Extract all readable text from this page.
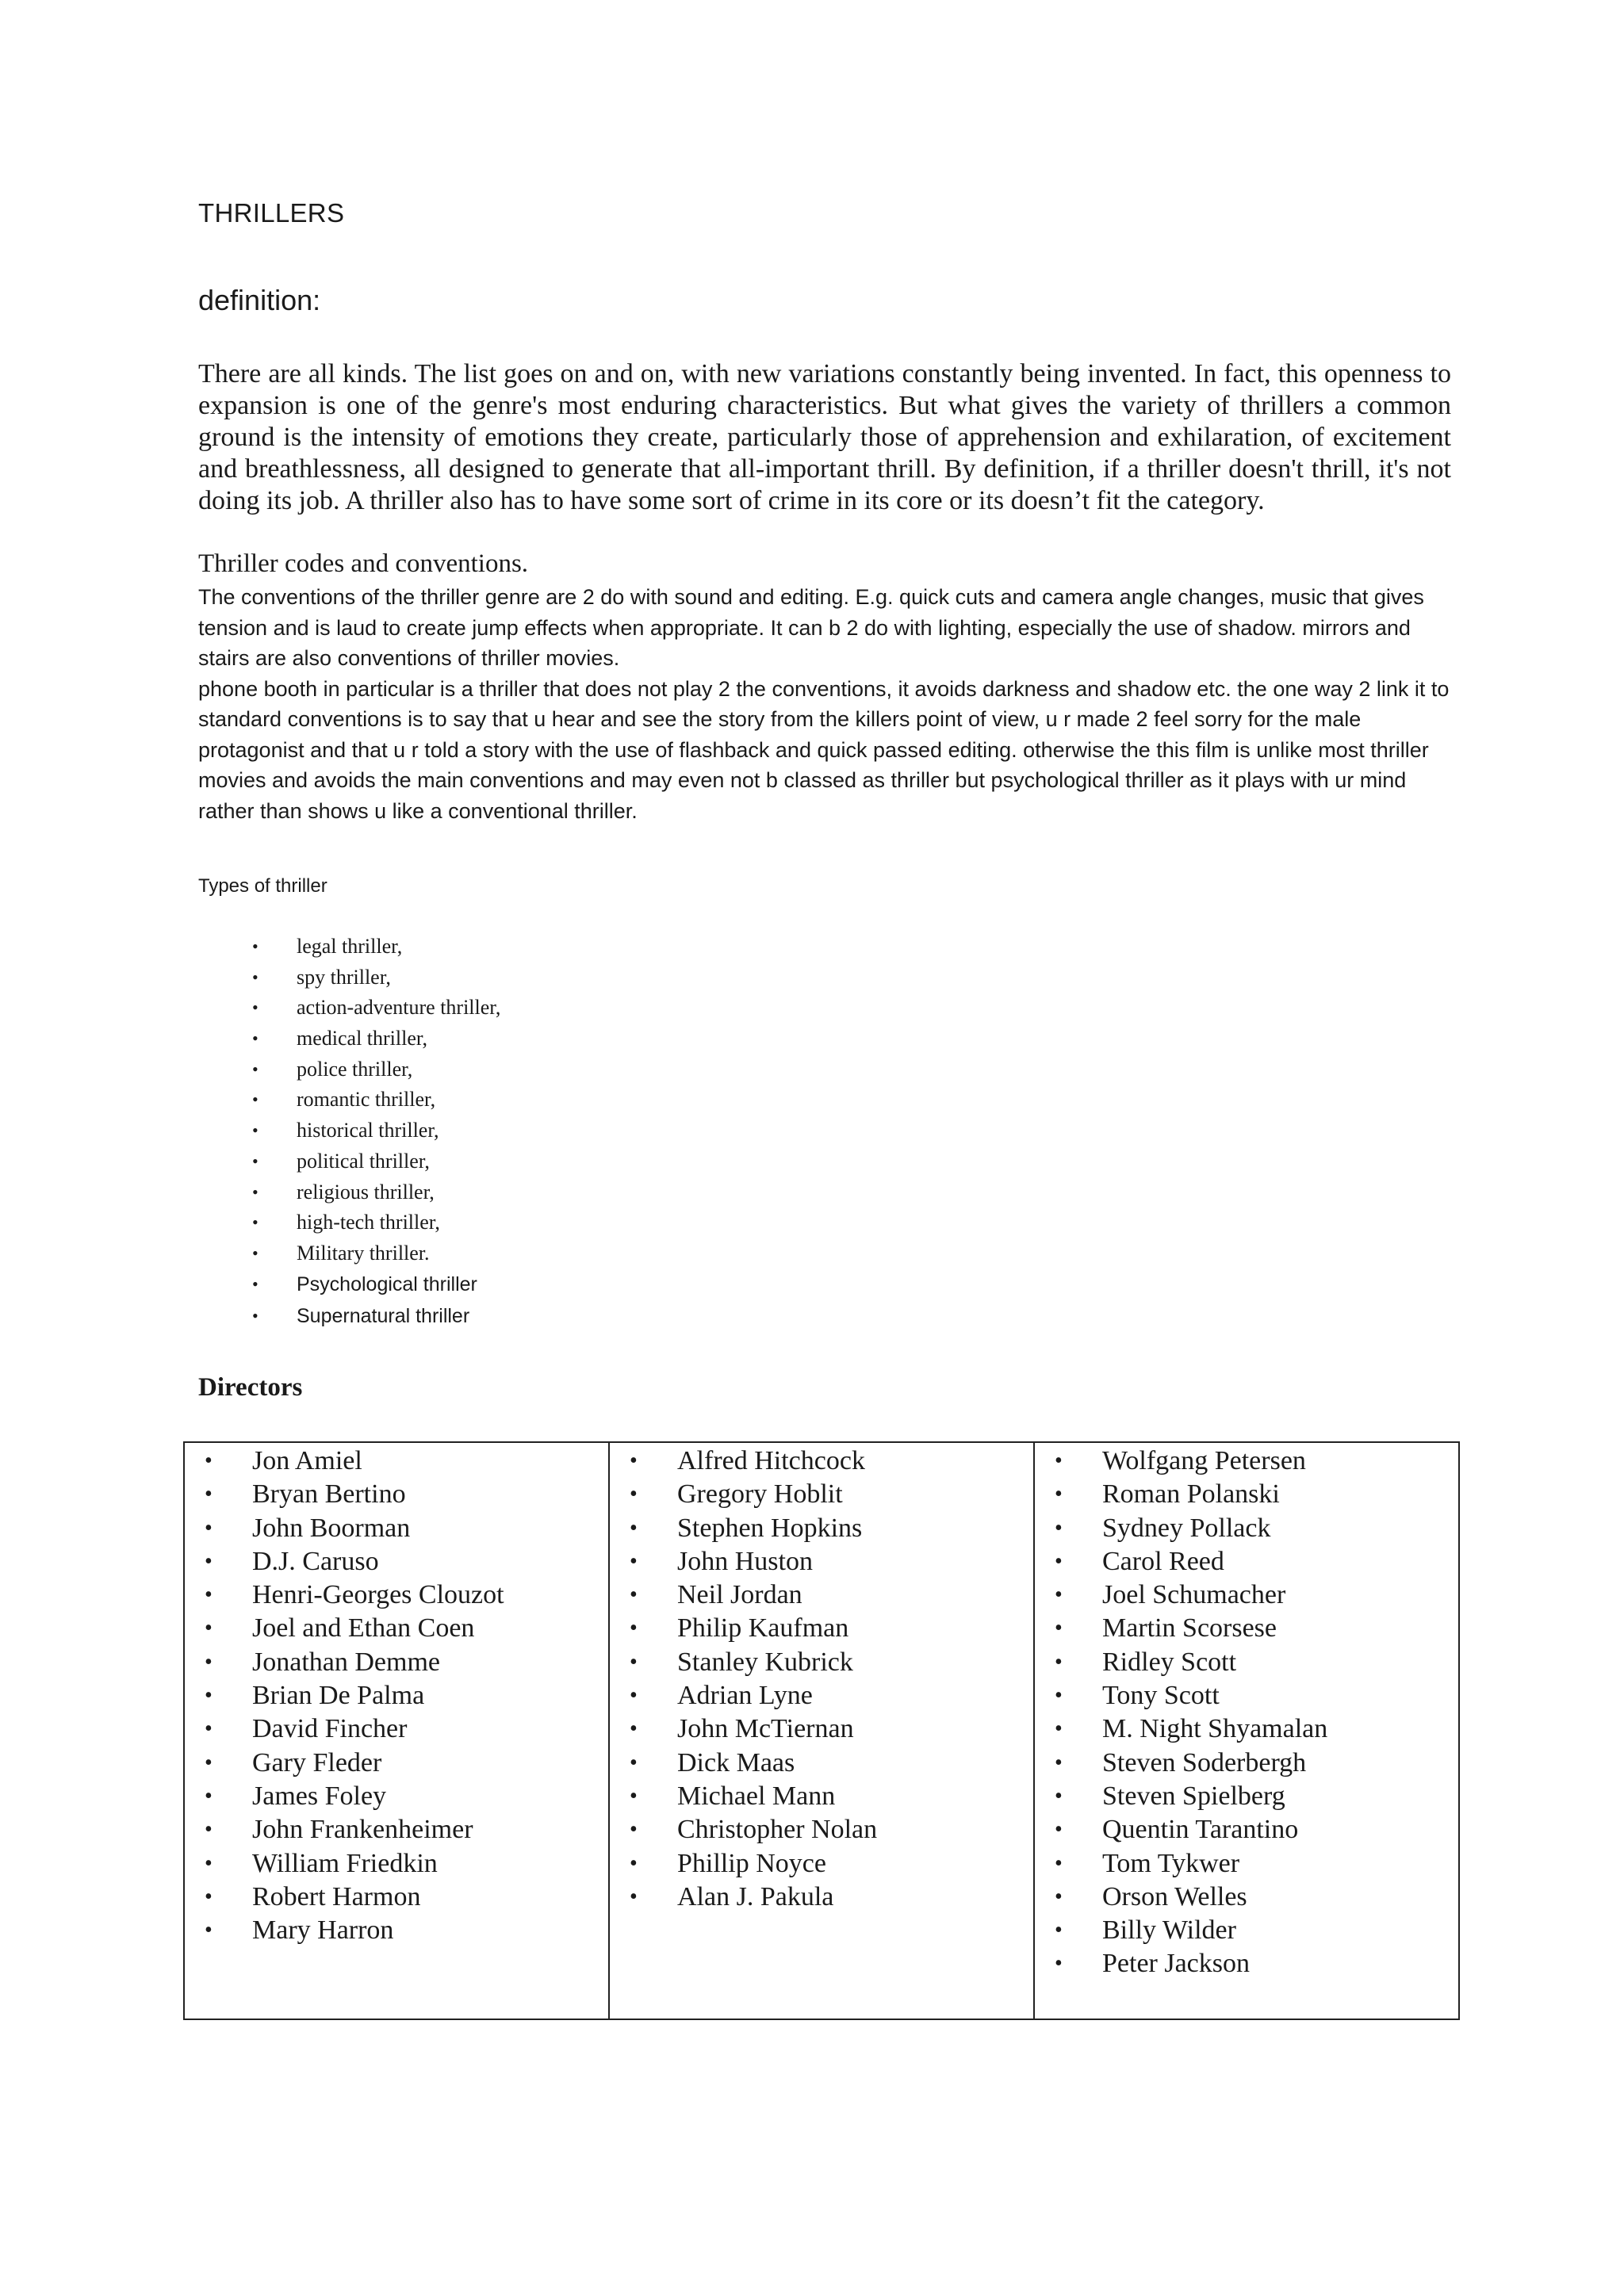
THRILLERS
definition:

There are all kinds. The list goes on and on, with new variations constantly being invented. In fact, this openness to expansion is one of the genre's most enduring characteristics. But what gives the variety of thrillers a common ground is the intensity of emotions they create, particularly those of apprehension and exhilaration, of excitement and breathlessness, all designed to generate that all-important thrill. By definition, if a thriller doesn't thrill, it's not doing its job. A thriller also has to have some sort of crime in its core or its doesn’t fit the category.

Thriller codes and conventions.

The conventions of the thriller genre are 2 do with sound and editing. E.g. quick cuts and camera angle changes, music that gives tension and is laud to create jump effects when appropriate. It can b 2 do with lighting, especially the use of shadow. mirrors and stairs are also conventions of thriller movies.

phone booth in particular is a thriller that does not play 2 the conventions, it avoids darkness and shadow etc. the one way 2 link it to standard conventions is to say that u hear and see the story from the killers point of view, u r made 2 feel sorry for the male protagonist and that u r told a story with the use of flashback and quick passed editing. otherwise the this film is unlike most thriller movies and avoids the main conventions and may even not b classed as thriller but psychological thriller as it plays with ur mind rather than shows u like a conventional thriller.

Types of thriller
• legal thriller,
• spy thriller,
• action-adventure thriller,
• medical thriller,
• police thriller,
• romantic thriller,
• historical thriller,
• political thriller,
• religious thriller,
• high-tech thriller,
• Military thriller.
• Psychological thriller
• Supernatural thriller
Directors
• Jon Amiel
• Bryan Bertino
• John Boorman
• D.J. Caruso
• Henri-Georges Clouzot
• Joel and Ethan Coen
• Jonathan Demme
• Brian De Palma
• David Fincher
• Gary Fleder
• James Foley
• John Frankenheimer
• William Friedkin
• Robert Harmon
• Mary Harron

• Alfred Hitchcock
• Gregory Hoblit
• Stephen Hopkins
• John Huston
• Neil Jordan
• Philip Kaufman
• Stanley Kubrick
• Adrian Lyne
• John McTiernan
• Dick Maas
• Michael Mann
• Christopher Nolan
• Phillip Noyce
• Alan J. Pakula

• Wolfgang Petersen
• Roman Polanski
• Sydney Pollack
• Carol Reed
• Joel Schumacher
• Martin Scorsese
• Ridley Scott
• Tony Scott
• M. Night Shyamalan
• Steven Soderbergh
• Steven Spielberg
• Quentin Tarantino
• Tom Tykwer
• Orson Welles
• Billy Wilder
• Peter Jackson
